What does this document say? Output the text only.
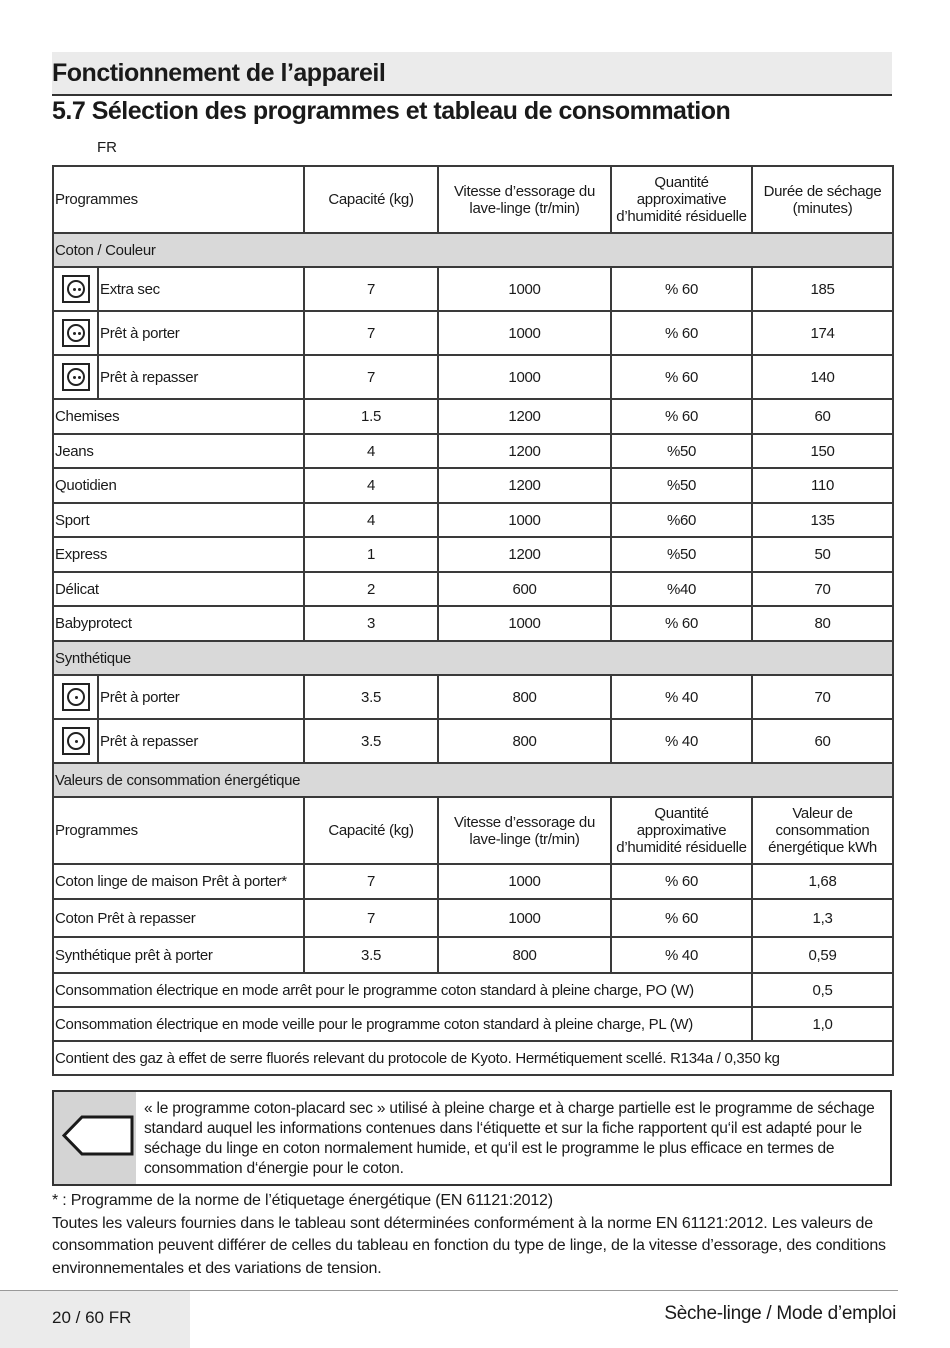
Fonctionnement de l’appareil
5.7 Sélection des programmes et tableau de consommation
FR
Programmes		Capacité (kg)	Vitesse d’essorage du lave-linge (tr/min)	Quantité approximative d’humidité résiduelle	Durée de séchage (minutes)
Coton / Couleur					

	Extra sec	7	1000	% 60	185

	Prêt à porter	7	1000	% 60	174

	Prêt à repasser	7	1000	% 60	140
Chemises		1.5	1200	% 60	60
Jeans		4	1200	%50	150
Quotidien		4	1200	%50	110
Sport		4	1000	%60	135
Express		1	1200	%50	50
Délicat		2	600	%40	70
Babyprotect		3	1000	% 60	80
Synthétique					

	Prêt à porter	3.5	800	% 40	70

	Prêt à repasser	3.5	800	% 40	60
Valeurs de consommation énergétique					
Programmes		Capacité (kg)	Vitesse d’essorage du lave-linge (tr/min)	Quantité approximative d’humidité résiduelle	Valeur de consommation énergétique kWh
Coton linge de maison Prêt à porter*		7	1000	% 60	1,68
Coton Prêt à repasser		7	1000	% 60	1,3
Synthétique prêt à porter		3.5	800	% 40	0,59
Consommation électrique en mode arrêt pour le programme coton standard à pleine charge, PO (W)					0,5
Consommation électrique en mode veille pour le programme coton standard à pleine charge, PL (W)					1,0
Contient des gaz à effet de serre fluorés relevant du protocole de Kyoto. Hermétiquement scellé. R134a / 0,350 kg					
« le programme coton-placard sec » utilisé à pleine charge et à charge partielle est le programme de séchage standard auquel les informations contenues dans l‘étiquette et sur la fiche rapportent qu‘il est adapté pour le séchage du linge en coton normalement humide, et qu‘il est le programme le plus efficace en termes de consommation d‘énergie pour le coton.
* : Programme de la norme de l’étiquetage énergétique (EN 61121:2012)
Toutes les valeurs fournies dans le tableau sont déterminées conformément à la norme EN 61121:2012. Les valeurs de consommation peuvent différer de celles du tableau en fonction du type de linge, de la vitesse d’essorage, des conditions environnementales et des variations de tension.
20 / 60 FR	Sèche-linge / Mode d’emploi
